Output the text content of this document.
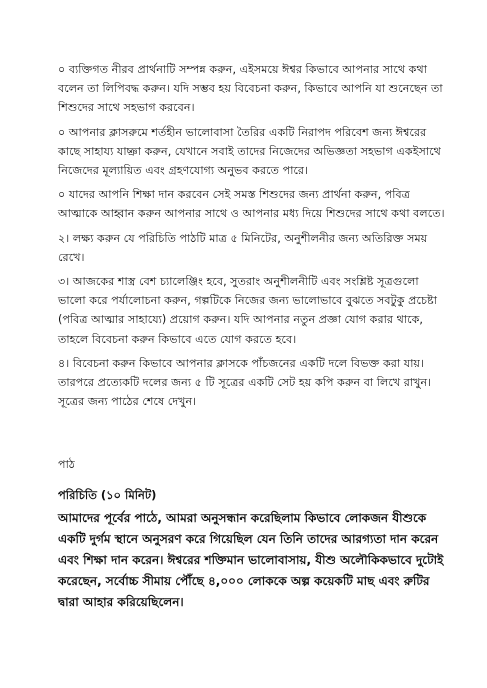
০ ব্যক্তিগত নীরব প্রার্থনাটি সম্পন্ন করুন, এইসময়ে ঈশ্বর কিভাবে আপনার সাথে কথা বলেন তা লিপিবদ্ধ করুন। যদি সম্ভব হয় বিবেচনা করুন, কিভাবে আপনি যা শুনেছেন তা শিশুদের সাথে সহভাগ করবেন।

০ আপনার ক্লাসরুমে শর্তহীন ভালোবাসা তৈরির একটি নিরাপদ পরিবেশ জন্য ঈশ্বরের কাছে সাহায্য যাচ্ঞা করুন, যেখানে সবাই তাদের নিজেদের অভিজ্ঞতা সহভাগ একইসাথে নিজেদের মূল্যায়িত এবং গ্রহণযোগ্য অনুভব করতে পারে।

০ যাদের আপনি শিক্ষা দান করবেন সেই সমস্ত শিশুদের জন্য প্রার্থনা করুন, পবিত্র আত্মাকে আহ্বান করুন আপনার সাথে ও আপনার মধ্য দিয়ে শিশুদের সাথে কথা বলতে।

২। লক্ষ্য করুন যে পরিচিতি পাঠটি মাত্র ৫ মিনিটের, অনুশীলনীর জন্য অতিরিক্ত সময় রেখে।

৩। আজকের শাস্ত্র বেশ চ্যালেঞ্জিং হবে, সুতরাং অনুশীলনীটি এবং সংশ্লিষ্ট সূত্রগুলো ভালো করে পর্যালোচনা করুন, গল্পটিকে নিজের জন্য ভালোভাবে বুঝতে সবটুকু প্রচেষ্টা (পবিত্র আত্মার সাহায্যে) প্রয়োগ করুন। যদি আপনার নতুন প্রজ্ঞা যোগ করার থাকে, তাহলে বিবেচনা করুন কিভাবে এতে যোগ করতে হবে।

৪। বিবেচনা করুন কিভাবে আপনার ক্লাসকে পাঁচজনের একটি দলে বিভক্ত করা যায়। তারপরে প্রত্যেকটি দলের জন্য ৫ টি সূত্রের একটি সেট হয় কপি করুন বা লিখে রাখুন। সূত্রের জন্য পাঠের শেষে দেখুন।

পাঠ

পরিচিতি (১০ মিনিট)

আমাদের পূর্বের পাঠে, আমরা অনুসন্ধান করেছিলাম কিভাবে লোকজন যীশুকে একটি দুর্গম স্থানে অনুসরণ করে গিয়েছিল যেন তিনি তাদের আরগ্যতা দান করেন এবং শিক্ষা দান করেন। ঈশ্বরের শক্তিমান ভালোবাসায়, যীশু অলৌকিকভাবে দুটোই করেছেন, সর্বোচ্চ সীমায় পৌঁছে ৪,০০০ লোককে অল্প কয়েকটি মাছ এবং রুটির দ্বারা আহার করিয়েছিলেন।
